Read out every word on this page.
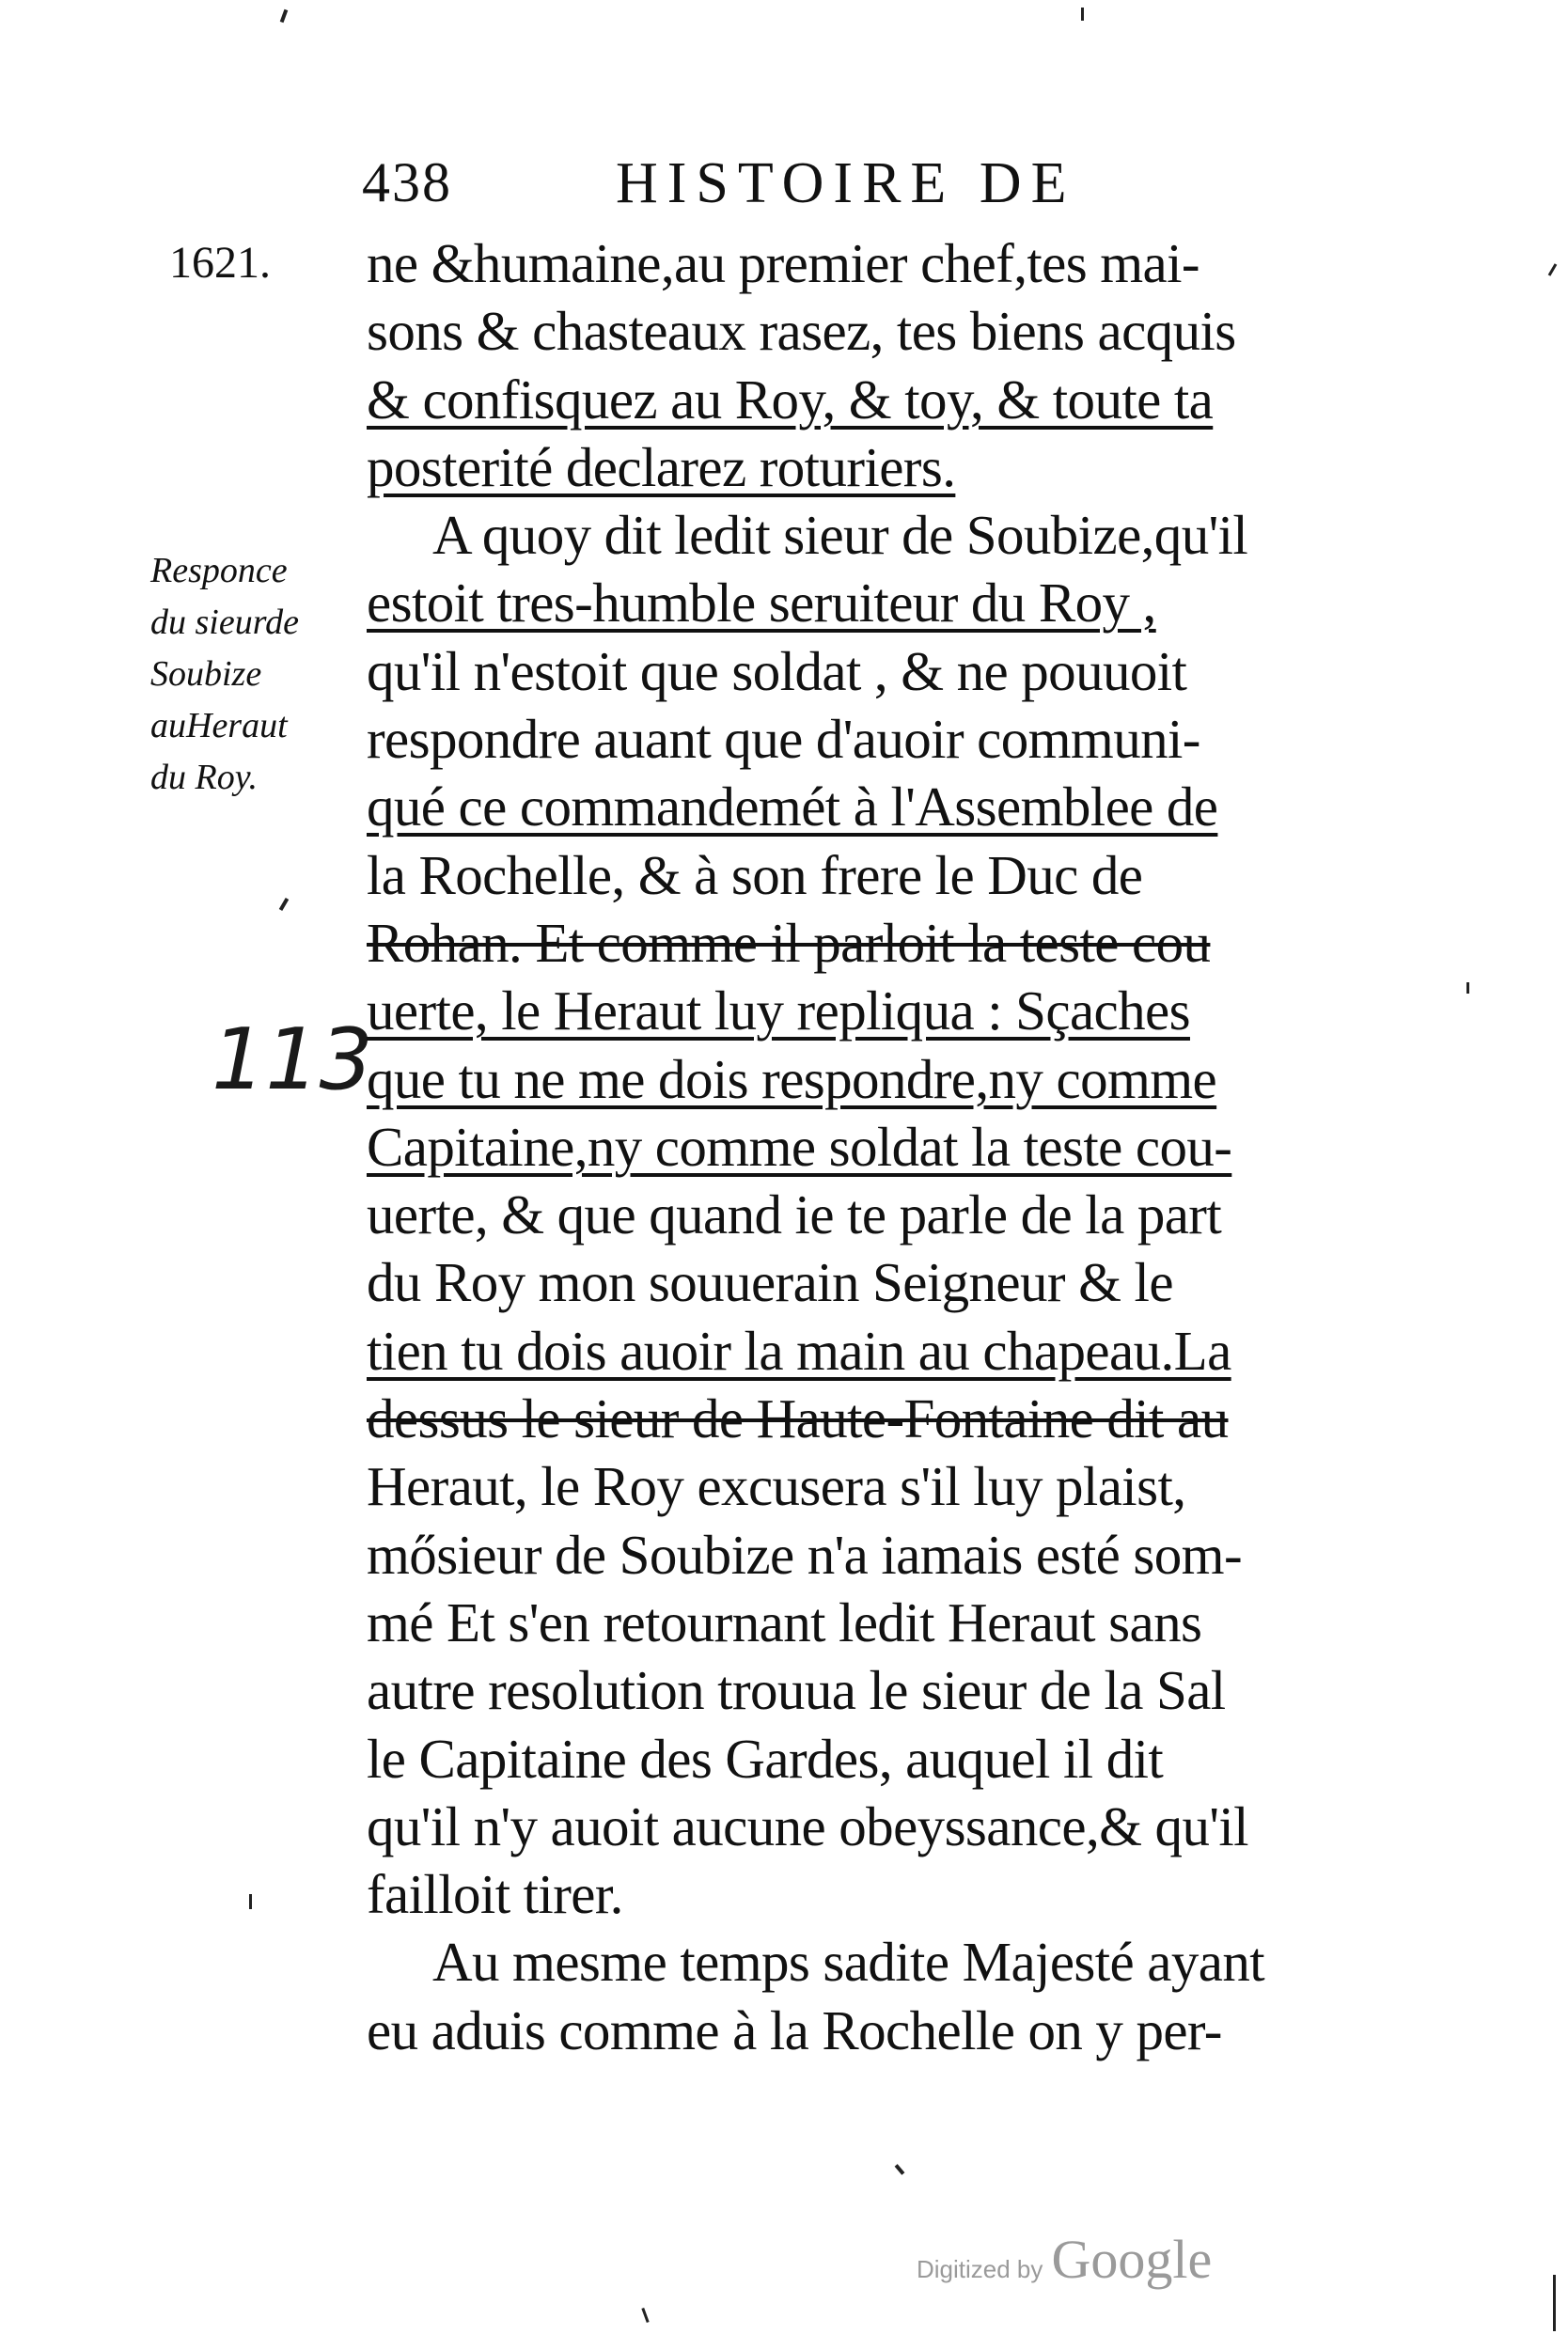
438	HISTOIRE DE
1621.
Responce
du sieurde
Soubize
auHeraut
du Roy.
113
ne &humaine,au premier chef,tes mai-
sons & chasteaux rasez, tes biens acquis
& confisquez au Roy, & toy, & toute ta
posterité declarez roturiers.
A quoy dit ledit sieur de Soubize,qu'il
estoit tres-humble seruiteur du Roy ,
qu'il n'estoit que soldat , & ne pouuoit
respondre auant que d'auoir communi-
qué ce commandemét à l'Assemblee de
la Rochelle, & à son frere le Duc de
Rohan. Et comme il parloit la teste cou
uerte, le Heraut luy repliqua : Sçaches
que tu ne me dois respondre,ny comme
Capitaine,ny comme soldat la teste cou-
uerte, & que quand ie te parle de la part
du Roy mon souuerain Seigneur & le
tien tu dois auoir la main au chapeau.La
dessus le sieur de Haute-Fontaine dit au
Heraut, le Roy excusera s'il luy plaist,
mősieur de Soubize n'a iamais esté som-
mé Et s'en retournant ledit Heraut sans
autre resolution trouua le sieur de la Sal
le Capitaine des Gardes, auquel il dit
qu'il n'y auoit aucune obeyssance,& qu'il
failloit tirer.
Au mesme temps sadite Majesté ayant
eu aduis comme à la Rochelle on y per-
Digitized by Google
